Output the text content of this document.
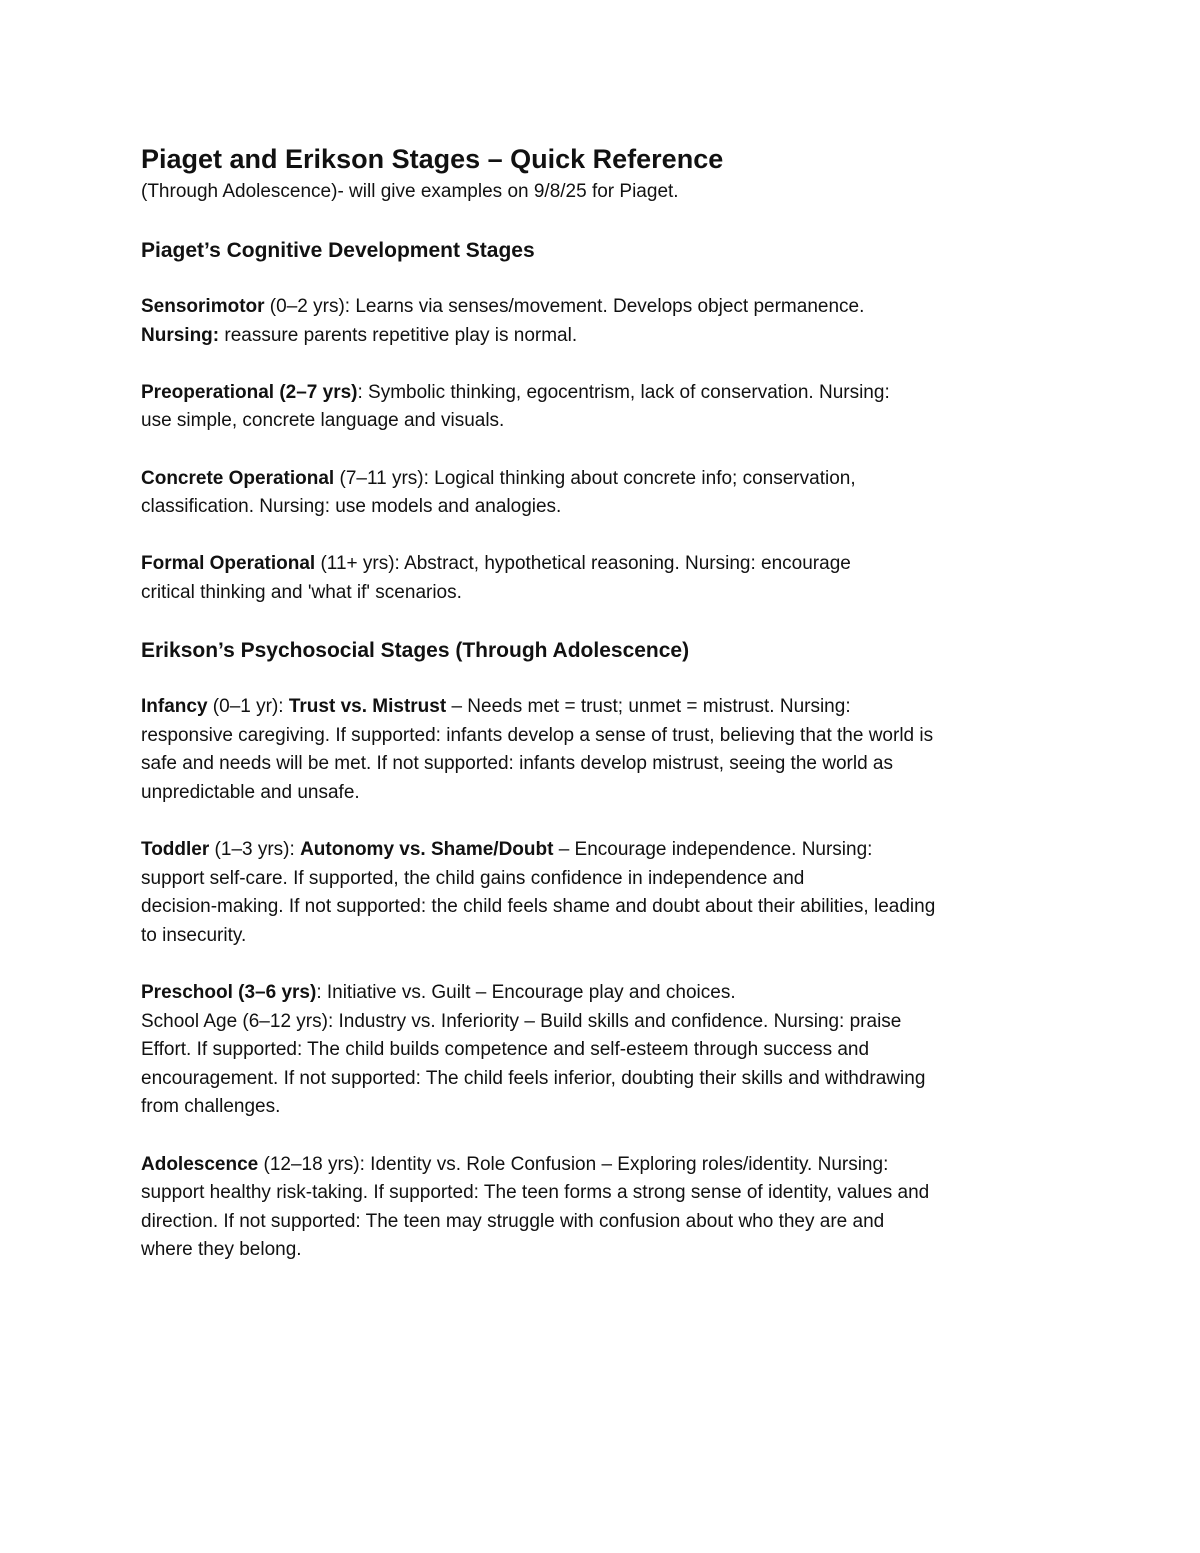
Piaget and Erikson Stages – Quick Reference

(Through Adolescence)- will give examples on 9/8/25 for Piaget.

Piaget’s Cognitive Development Stages
Sensorimotor (0–2 yrs): Learns via senses/movement. Develops object permanence.
Nursing: reassure parents repetitive play is normal.
Preoperational (2–7 yrs): Symbolic thinking, egocentrism, lack of conservation. Nursing:
use simple, concrete language and visuals.
Concrete Operational (7–11 yrs): Logical thinking about concrete info; conservation,
classification. Nursing: use models and analogies.
Formal Operational (11+ yrs): Abstract, hypothetical reasoning. Nursing: encourage
critical thinking and 'what if' scenarios.
Erikson’s Psychosocial Stages (Through Adolescence)
Infancy (0–1 yr): Trust vs. Mistrust – Needs met = trust; unmet = mistrust. Nursing:
responsive caregiving. If supported: infants develop a sense of trust, believing that the world is
safe and needs will be met. If not supported: infants develop mistrust, seeing the world as
unpredictable and unsafe.
Toddler (1–3 yrs): Autonomy vs. Shame/Doubt – Encourage independence. Nursing:
support self-care. If supported, the child gains confidence in independence and
decision-making. If not supported: the child feels shame and doubt about their abilities, leading
to insecurity.
Preschool (3–6 yrs): Initiative vs. Guilt – Encourage play and choices.
School Age (6–12 yrs): Industry vs. Inferiority – Build skills and confidence. Nursing: praise
Effort. If supported: The child builds competence and self-esteem through success and
encouragement. If not supported: The child feels inferior, doubting their skills and withdrawing
from challenges.
Adolescence (12–18 yrs): Identity vs. Role Confusion – Exploring roles/identity. Nursing:
support healthy risk-taking. If supported: The teen forms a strong sense of identity, values and
direction. If not supported: The teen may struggle with confusion about who they are and
where they belong.
